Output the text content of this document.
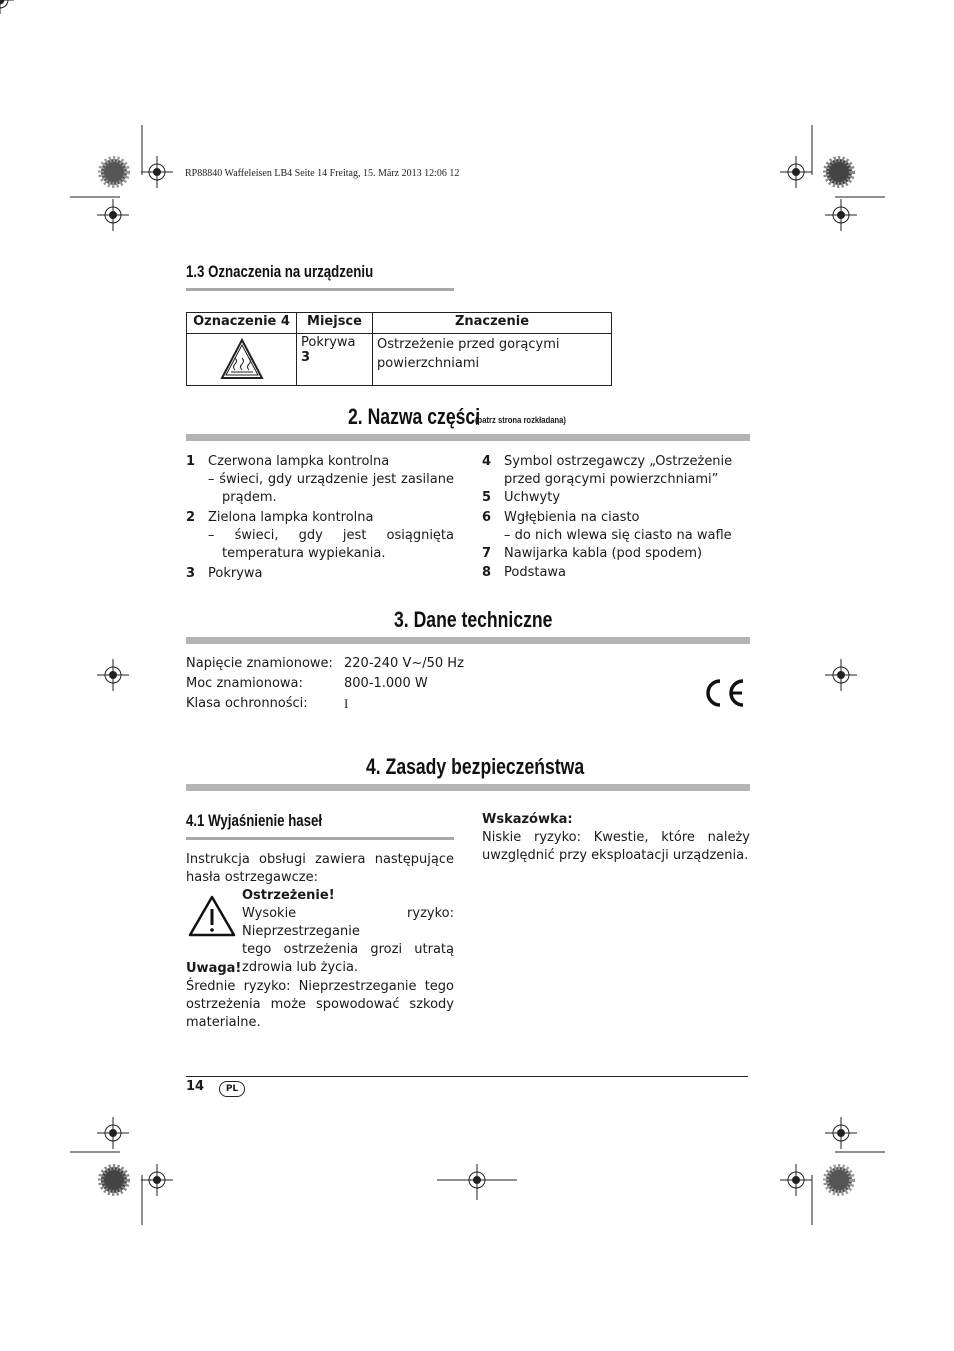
RP88840 Waffeleisen LB4 Seite 14 Freitag, 15. März 2013 12:06 12
1.3 Oznaczenia na urządzeniu
Oznaczenie 4	Miejsce	Znaczenie
	Pokrywa 3	Ostrzeżenie przed gorącymi
powierzchniami
2. Nazwa części
(patrz strona rozkładana)
1 Czerwona lampka kontrolna
– świeci, gdy urządzenie jest zasilane
prądem.
2 Zielona lampka kontrolna
– świeci, gdy jest osiągnięta
temperatura wypiekania.
3 Pokrywa
4 Symbol ostrzegawczy „Ostrzeżenie
przed gorącymi powierzchniami”
5 Uchwyty
6 Wgłębienia na ciasto
– do nich wlewa się ciasto na wafle
7 Nawijarka kabla (pod spodem)
8 Podstawa
3. Dane techniczne
Napięcie znamionowe: 220-240 V~/50 Hz
Moc znamionowa:	800-1.000 W
Klasa ochronności:	I
4. Zasady bezpieczeństwa
4.1 Wyjaśnienie haseł
Instrukcja obsługi zawiera następujące
hasła ostrzegawcze:
Ostrzeżenie!
Wysokie ryzyko: Nieprzestrzeganie
tego ostrzeżenia grozi utratą
zdrowia lub życia.
Uwaga!
Średnie ryzyko: Nieprzestrzeganie tego
ostrzeżenia może spowodować szkody
materialne.
Wskazówka:
Niskie ryzyko: Kwestie, które należy
uwzględnić przy eksploatacji urządzenia.
14	PL
